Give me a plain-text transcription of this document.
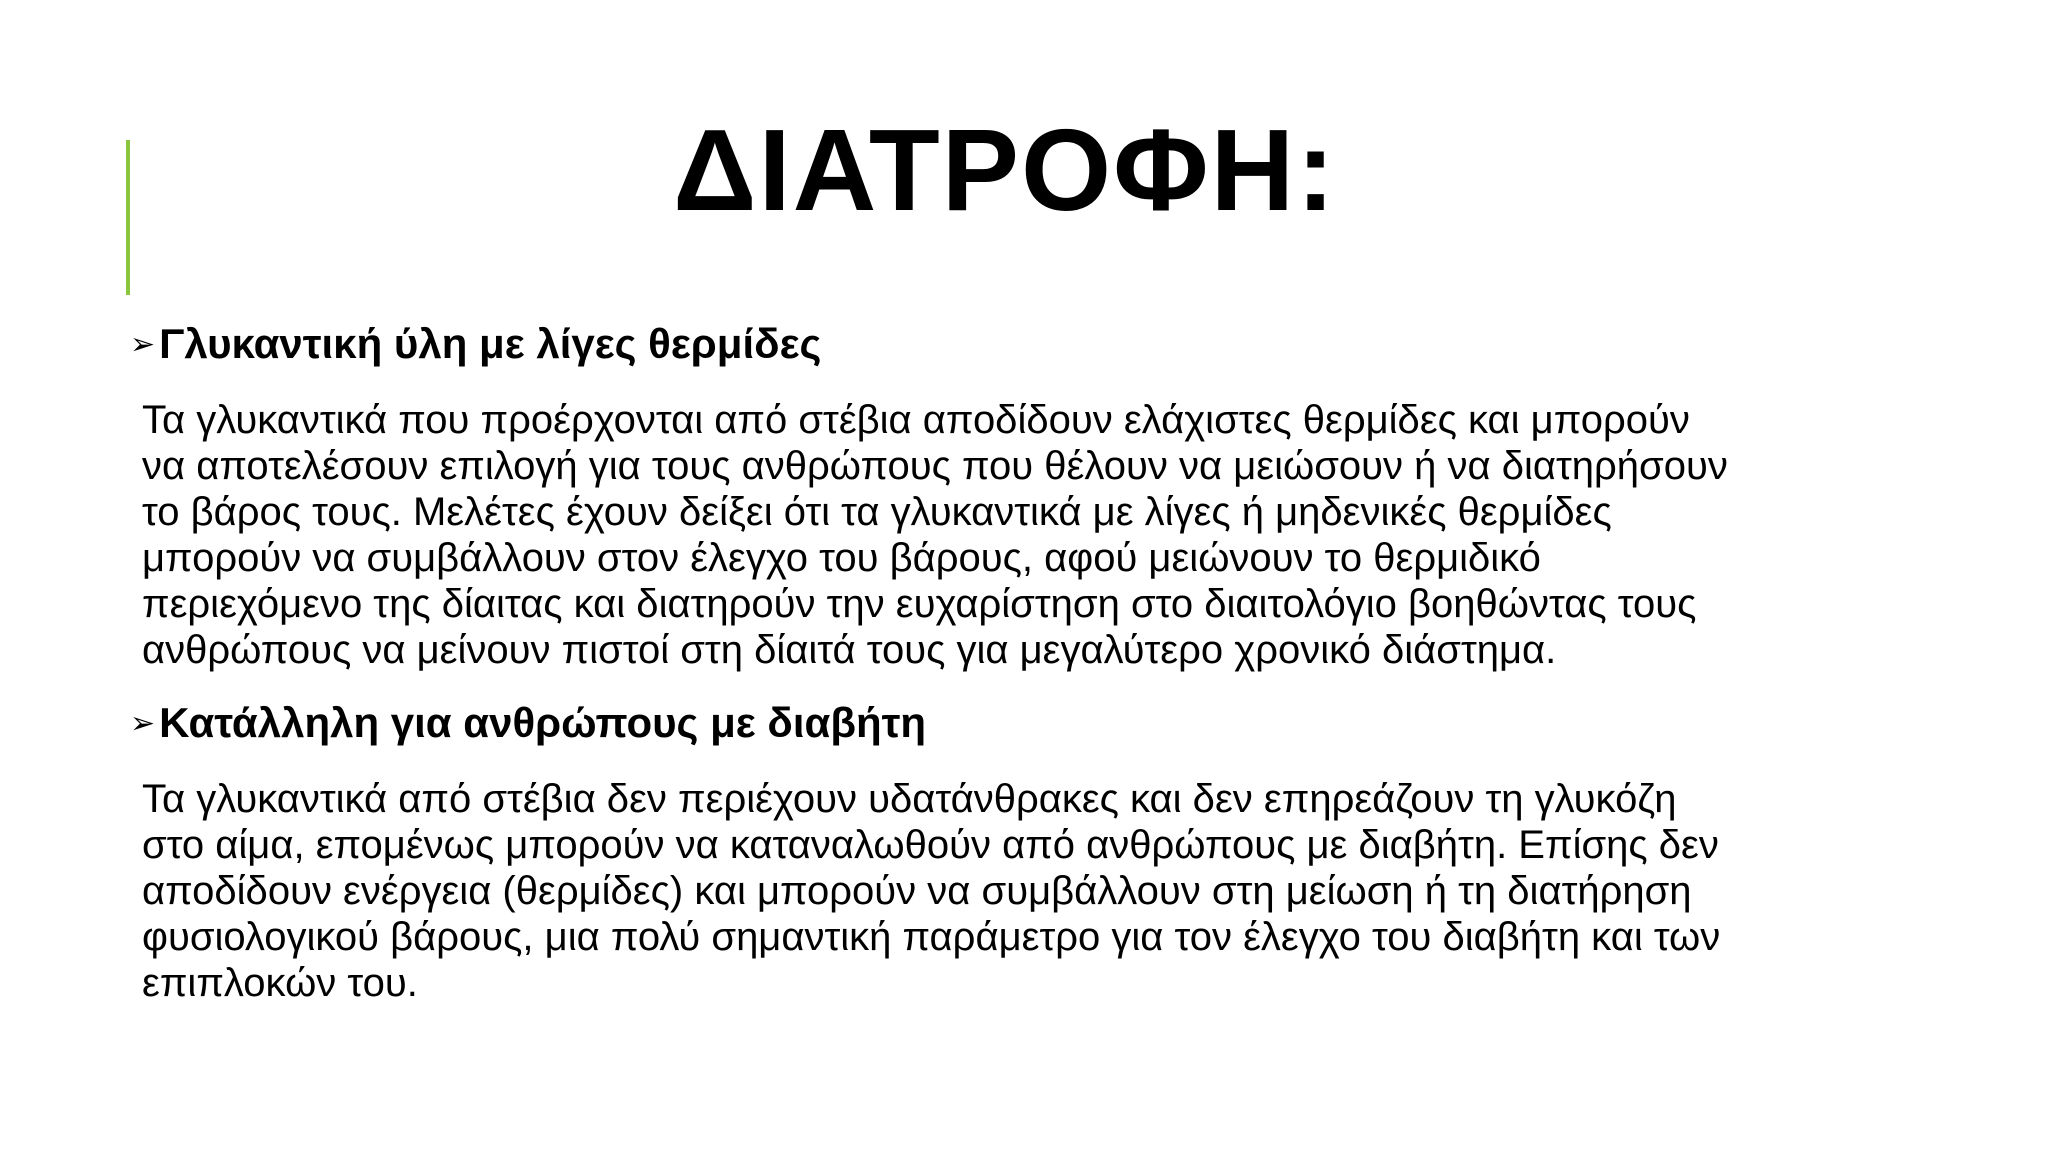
ΔΙΑΤΡΟΦΗ:

➢ Γλυκαντική ύλη με λίγες θερμίδες

Τα γλυκαντικά που προέρχονται από στέβια αποδίδουν ελάχιστες θερμίδες και μπορούν
να αποτελέσουν επιλογή για τους ανθρώπους που θέλουν να μειώσουν ή να διατηρήσουν
το βάρος τους. Μελέτες έχουν δείξει ότι τα γλυκαντικά με λίγες ή μηδενικές θερμίδες
μπορούν να συμβάλλουν στον έλεγχο του βάρους, αφού μειώνουν το θερμιδικό
περιεχόμενο της δίαιτας και διατηρούν την ευχαρίστηση στο διαιτολόγιο βοηθώντας τους
ανθρώπους να μείνουν πιστοί στη δίαιτά τους για μεγαλύτερο χρονικό διάστημα.

➢ Κατάλληλη για ανθρώπους με διαβήτη

Τα γλυκαντικά από στέβια δεν περιέχουν υδατάνθρακες και δεν επηρεάζουν τη γλυκόζη
στο αίμα, επομένως μπορούν να καταναλωθούν από ανθρώπους με διαβήτη. Επίσης δεν
αποδίδουν ενέργεια (θερμίδες) και μπορούν να συμβάλλουν στη μείωση ή τη διατήρηση
φυσιολογικού βάρους, μια πολύ σημαντική παράμετρο για τον έλεγχο του διαβήτη και των
επιπλοκών του.
